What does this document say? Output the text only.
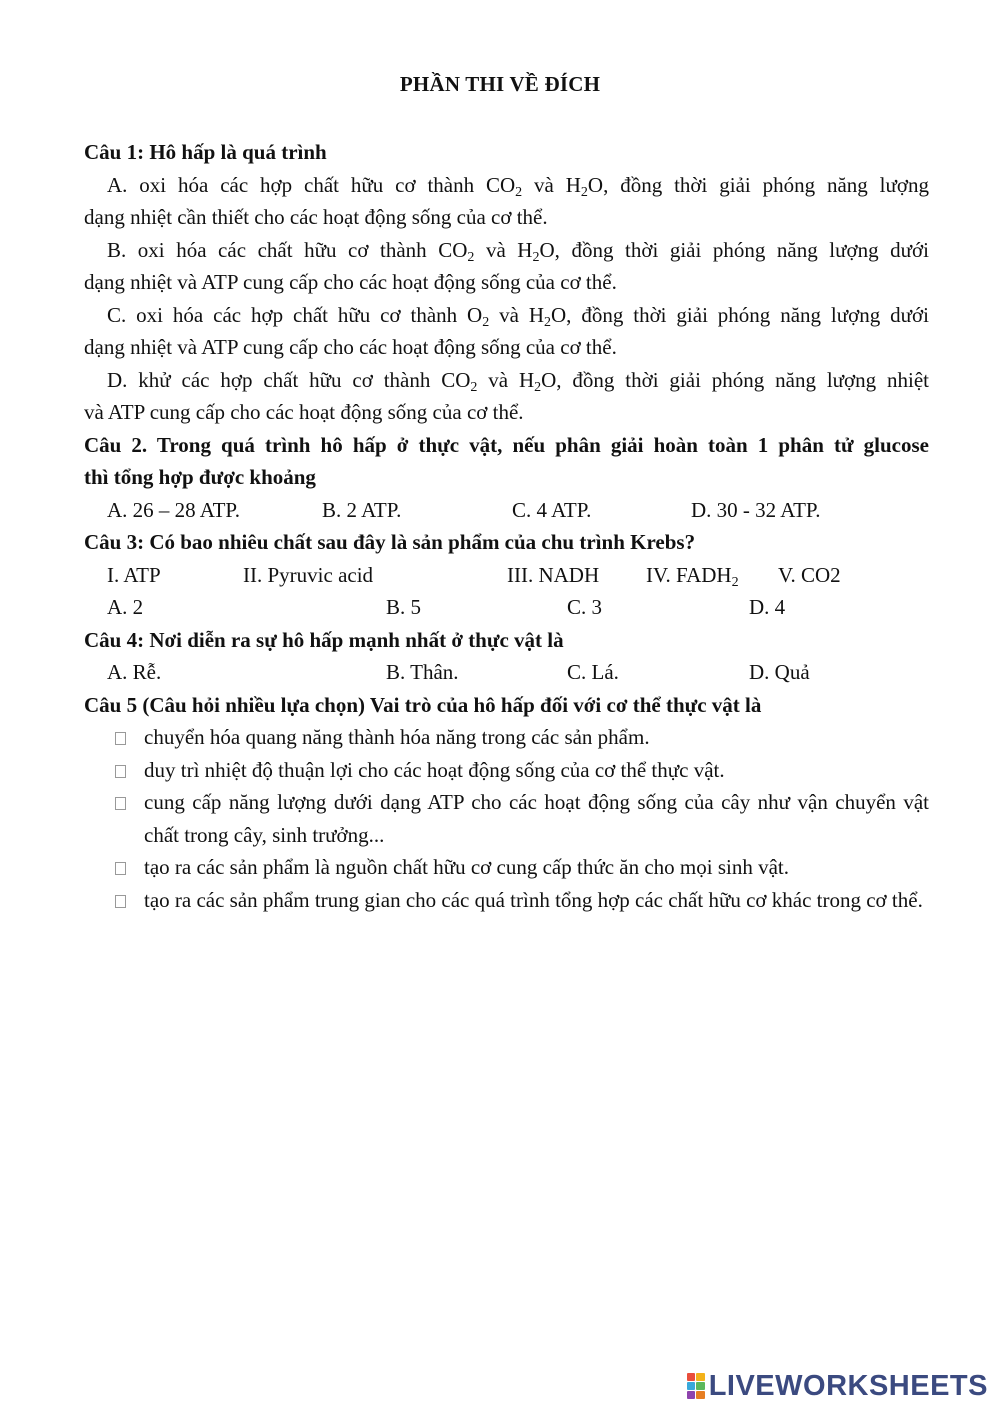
PHẦN THI VỀ ĐÍCH
Câu 1: Hô hấp là quá trình
A. oxi hóa các hợp chất hữu cơ thành $CO_2$ và $H_2O$, đồng thời giải phóng năng lượng
dạng nhiệt cần thiết cho các hoạt động sống của cơ thể.
B. oxi hóa các chất hữu cơ thành $CO_2$ và $H_2O$, đồng thời giải phóng năng lượng dưới
dạng nhiệt và ATP cung cấp cho các hoạt động sống của cơ thể.
C. oxi hóa các hợp chất hữu cơ thành $O_2$ và $H_2O$, đồng thời giải phóng năng lượng dưới
dạng nhiệt và ATP cung cấp cho các hoạt động sống của cơ thể.
D. khử các hợp chất hữu cơ thành $CO_2$ và $H_2O$, đồng thời giải phóng năng lượng nhiệt
và ATP cung cấp cho các hoạt động sống của cơ thể.
Câu 2. Trong quá trình hô hấp ở thực vật, nếu phân giải hoàn toàn 1 phân tử glucose
thì tổng hợp được khoảng
A. 26 – 28 ATP.	B. 2 ATP.	C. 4 ATP.	D. 30 - 32 ATP.
Câu 3: Có bao nhiêu chất sau đây là sản phẩm của chu trình Krebs?
I. ATP	II. Pyruvic acid	III. NADH IV. $FADH_2$ V. CO2
A. 2	B. 5	C. 3	D. 4
Câu 4: Nơi diễn ra sự hô hấp mạnh nhất ở thực vật là
A. Rễ.	B. Thân.	C. Lá.	D. Quả
Câu 5 (Câu hỏi nhiều lựa chọn) Vai trò của hô hấp đối với cơ thể thực vật là
chuyển hóa quang năng thành hóa năng trong các sản phẩm.
duy trì nhiệt độ thuận lợi cho các hoạt động sống của cơ thể thực vật.
cung cấp năng lượng dưới dạng ATP cho các hoạt động sống của cây như vận chuyển vật chất trong cây, sinh trưởng...
tạo ra các sản phẩm là nguồn chất hữu cơ cung cấp thức ăn cho mọi sinh vật.
tạo ra các sản phẩm trung gian cho các quá trình tổng hợp các chất hữu cơ khác trong cơ thể.
LIVEWORKSHEETS
